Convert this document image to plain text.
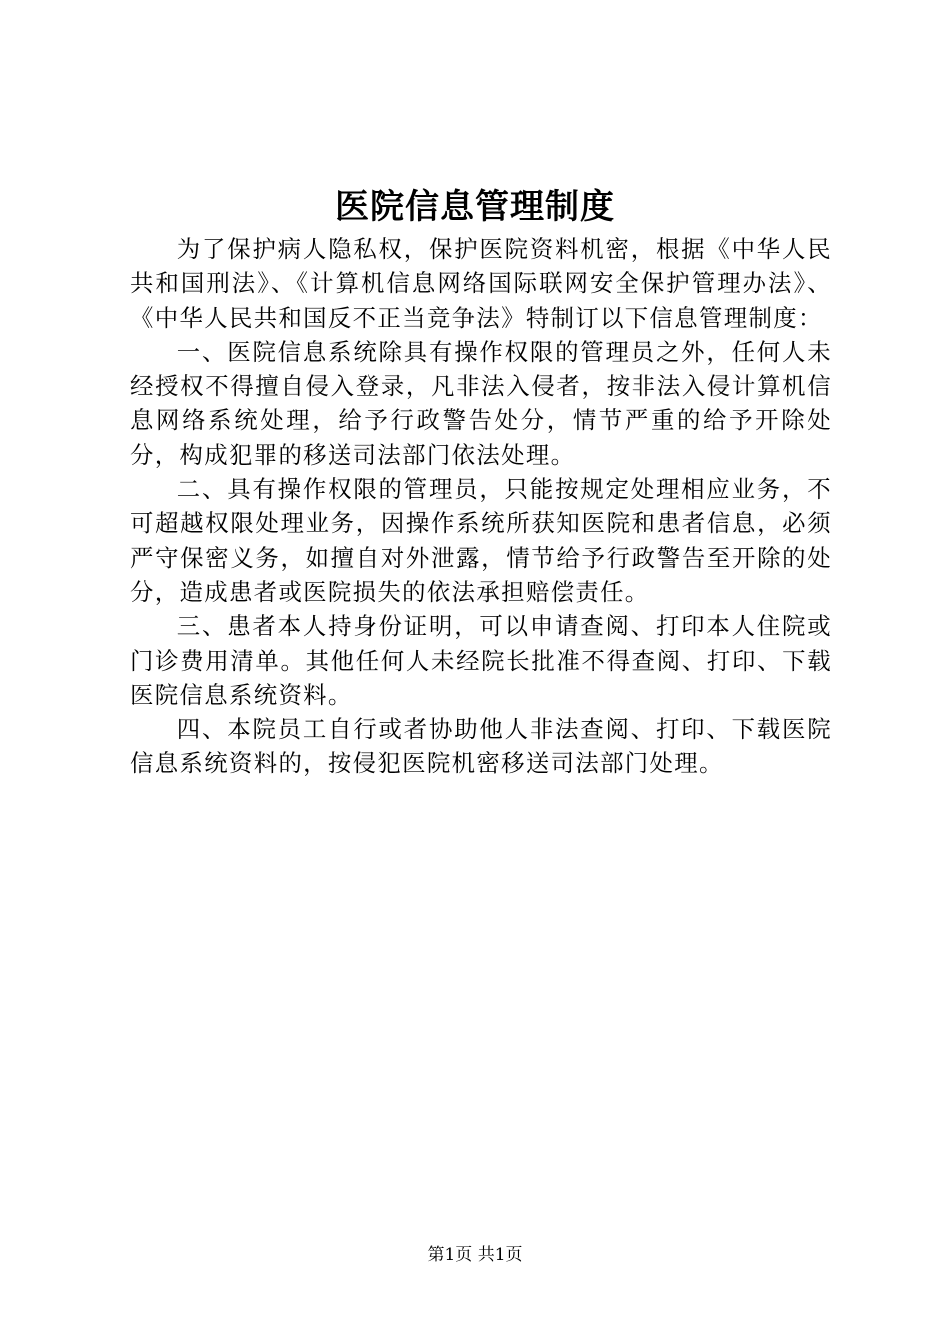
医院信息管理制度

为了保护病人隐私权，保护医院资料机密，根据《中华人民共和国刑法》、《计算机信息网络国际联网安全保护管理办法》、《中华人民共和国反不正当竞争法》特制订以下信息管理制度：

一、医院信息系统除具有操作权限的管理员之外，任何人未经授权不得擅自侵入登录，凡非法入侵者，按非法入侵计算机信息网络系统处理，给予行政警告处分，情节严重的给予开除处分，构成犯罪的移送司法部门依法处理。

二、具有操作权限的管理员，只能按规定处理相应业务，不可超越权限处理业务，因操作系统所获知医院和患者信息，必须严守保密义务，如擅自对外泄露，情节给予行政警告至开除的处分，造成患者或医院损失的依法承担赔偿责任。

三、患者本人持身份证明，可以申请查阅、打印本人住院或门诊费用清单。其他任何人未经院长批准不得查阅、打印、下载医院信息系统资料。

四、本院员工自行或者协助他人非法查阅、打印、下载医院信息系统资料的，按侵犯医院机密移送司法部门处理。

第1页 共1页
